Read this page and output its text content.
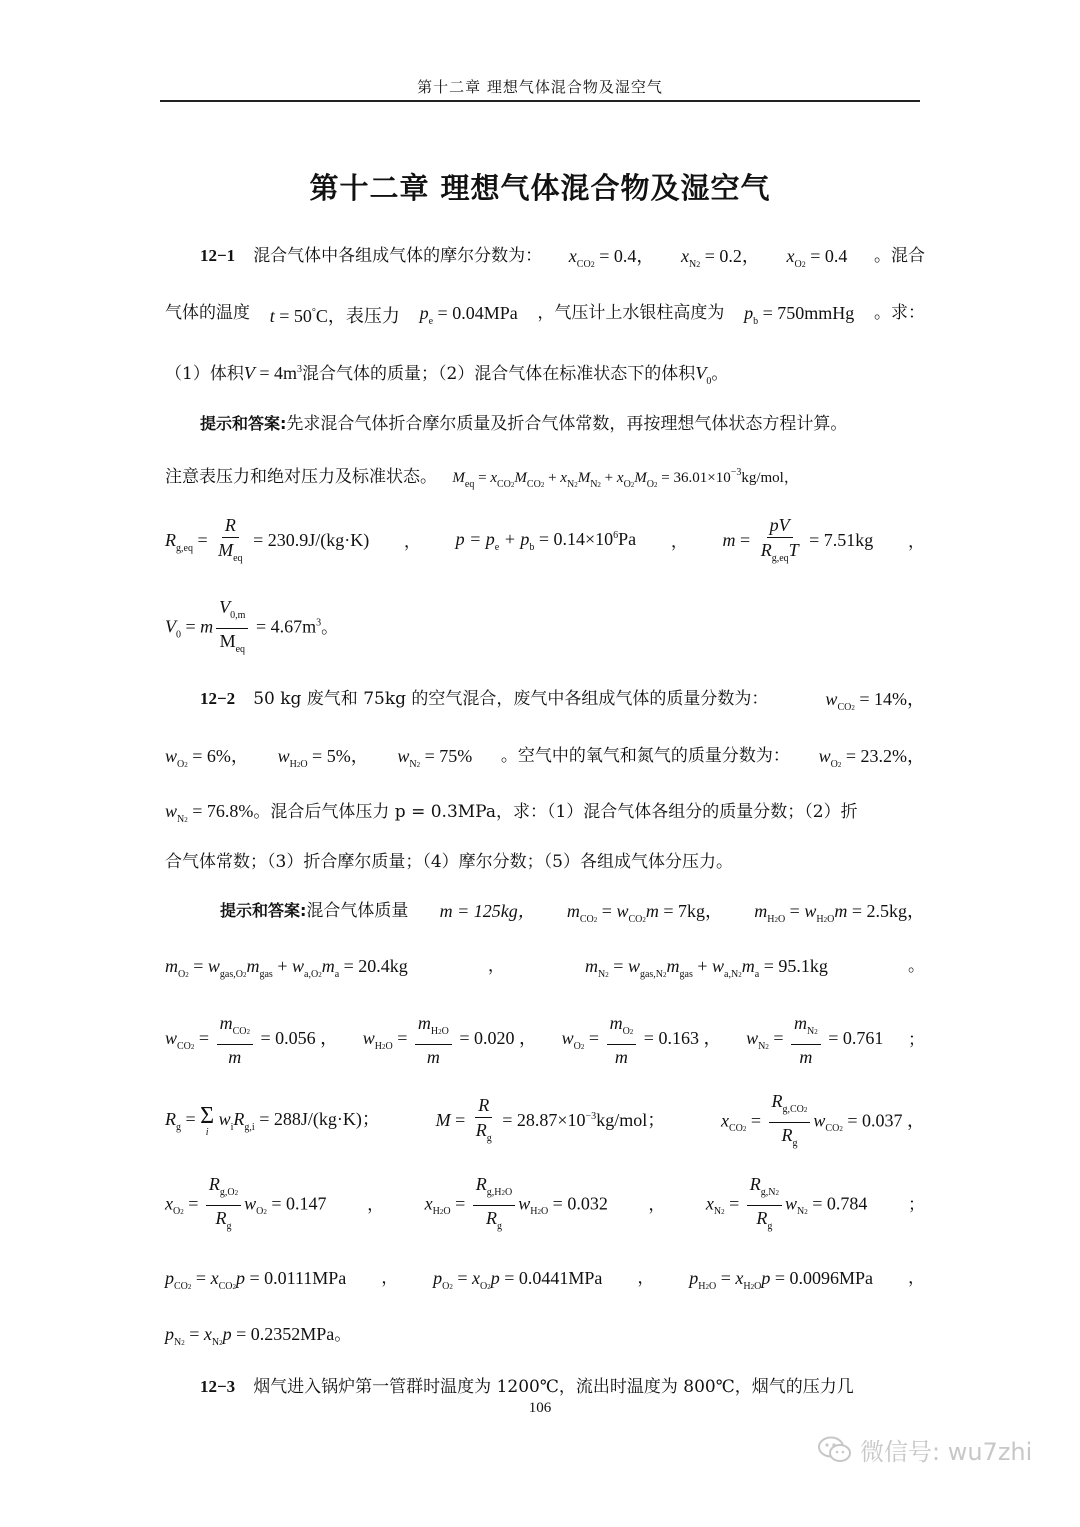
第十二章 理想气体混合物及湿空气
第十二章 理想气体混合物及湿空气
12−1 混合气体中各组成气体的摩尔分数为： $x_{CO2} = 0.4$， $x_{N2} = 0.2$， $x_{O2} = 0.4$ 。混合
气体的温度 t = 50°C，表压力 $p_e = 0.04MPa$ ，气压计上水银柱高度为 $p_b$ = 750mmHg 。求：
（1）体积$V = 4m^3$混合气体的质量；（2）混合气体在标准状态下的体积$V_0$。
提示和答案:先求混合气体折合摩尔质量及折合气体常数，再按理想气体状态方程计算。
注意表压力和绝对压力及标准状态。 $M_{eq} = x_{CO2}M_{CO2} + x_{N2}M_{N2} + x_{O2}M_{O2} = 36.01\times 10^{-3}kg/mol$，
$R_{g,eq} = \frac{R}{M_{eq}} = 230.9J/(kg\cdot K)$ ， $p = p_e + p_b = 0.14\times 10^6Pa$ ， $m = \frac{pV}{R_{g,eq}T} = 7.51kg$ ，
$V_0 = m \frac{V_{0,m}}{M_{eq}} = 4.67m^3$ 。
12−2 50 kg 废气和 75kg 的空气混合，废气中各组成气体的质量分数为：	$w_{CO2} = 14\%$，
$w_{O2} = 6\%$， $w_{H2O} = 5\%$， $w_{N2} = 75\%$ 。空气中的氧气和氮气的质量分数为： $w_{O2} = 23.2\%$，
$w_{N2} = 76.8\%$。混合后气体压力 p = 0.3MPa，求：（1）混合气体各组分的质量分数；（2）折
合气体常数；（3）折合摩尔质量；（4）摩尔分数；（5）各组成气体分压力。
提示和答案:混合气体质量 m = 125kg， $m_{CO2} = w_{CO2}m = 7kg$， $m_{H2O} = w_{H2O}m = 2.5kg$，
$m_{O2} = w_{gas,O2}m_{gas} + w_{a,O2}m_a = 20.4kg$	，	$m_{N2} = w_{gas,N2}m_{gas} + w_{a,N2}m_a = 95.1kg$	。
$w_{CO2} = \frac{m_{CO2}}{m} = 0.056$ ， $w_{H2O} = \frac{m_{H2O}}{m} = 0.020$ ， $w_{O2} = \frac{m_{O2}}{m} = 0.163$ ， $w_{N2} = \frac{m_{N2}}{m} = 0.761$ ；
$R_g = \Sigma$
i
$w_iR_{g,i} = 288J/(kg\cdot K)$；	$M = \frac{R}{R_g} = 28.87\times 10^{-3}kg/mol$；	$x_{CO2} = \frac{R_{g,CO2}}{R_g} w_{CO2} = 0.037$ ，
$x_{O2} = \frac{R_{g,O2}}{R_g} w_{O2} = 0.147$ ， $x_{H2O} = \frac{R_{g,H2O}}{R_g} w_{H2O} = 0.032$ ， $x_{N2} = \frac{R_{g,N2}}{R_g} w_{N2} = 0.784$ ；
$p_{CO2} = x_{CO2}p = 0.0111MPa$ ， $p_{O2} = x_{O2}p = 0.0441MPa$ ， $p_{H2O} = x_{H2O}p = 0.0096MPa$ ，
$p_{N2} = x_{N2}p = 0.2352MPa$。
12−3 烟气进入锅炉第一管群时温度为 1200℃，流出时温度为 800℃，烟气的压力几
106
微信号: wu7zhi
